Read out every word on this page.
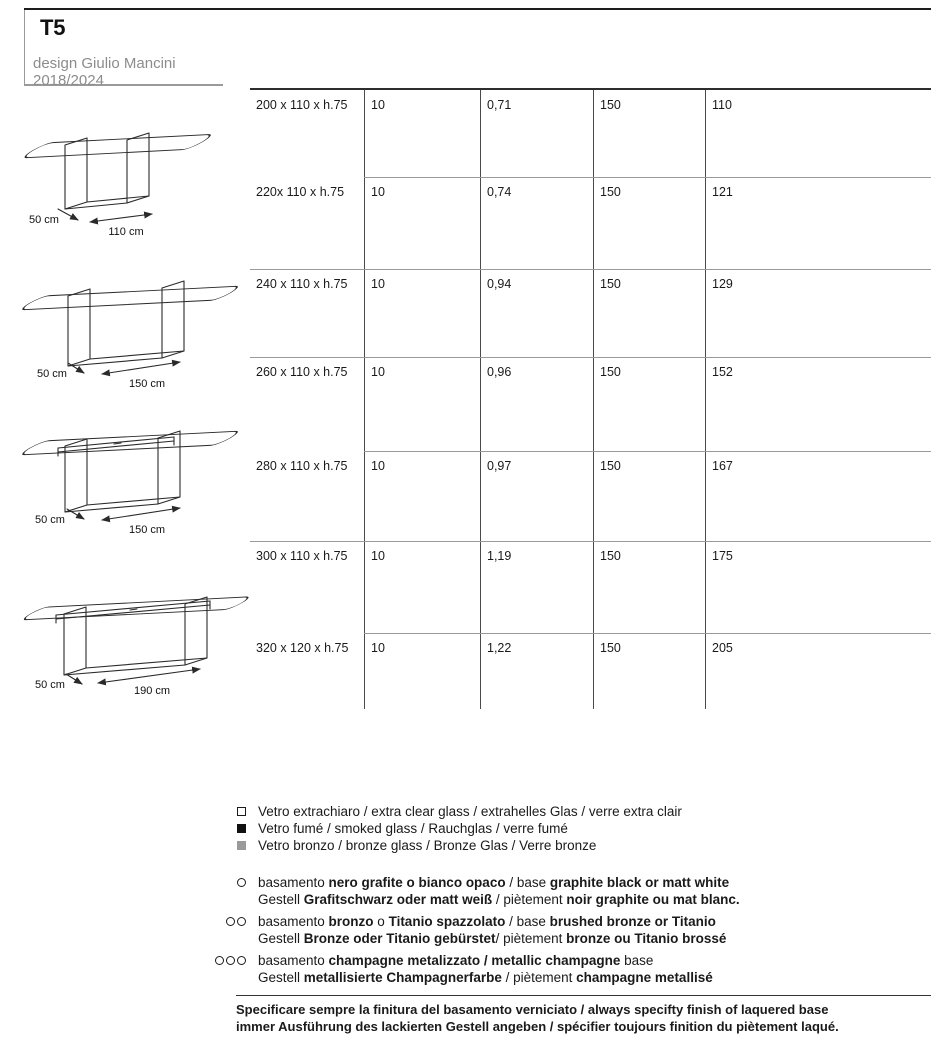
T5
design Giulio Mancini 2018/2024
50 cm
110 cm
50 cm
150 cm
50 cm
150 cm
50 cm	190 cm
200 x 110 x h.75	10	0,71	150	110
220x 110 x h.75	10	0,74	150	121
240 x 110 x h.75	10	0,94	150	129
260 x 110 x h.75	10	0,96	150	152
280 x 110 x h.75	10	0,97	150	167
300 x 110 x h.75	10	1,19	150	175
320 x 120 x h.75	10	1,22	150	205
Vetro extrachiaro / extra clear glass / extrahelles Glas / verre extra clair
Vetro fumé / smoked glass / Rauchglas / verre fumé
Vetro bronzo / bronze glass / Bronze Glas / Verre bronze
basamento nero grafite o bianco opaco / base graphite black or matt white
Gestell Grafitschwarz oder matt weiß / piètement noir graphite ou mat blanc.
basamento bronzo o Titanio spazzolato / base brushed bronze or Titanio
Gestell Bronze oder Titanio gebürstet/ piètement bronze ou Titanio brossé
basamento champagne metalizzato / metallic champagne base
Gestell metallisierte Champagnerfarbe / piètement champagne metallisé
Specificare sempre la finitura del basamento verniciato / always specifty finish of laquered base
immer Ausführung des lackierten Gestell angeben / spécifier toujours finition du piètement laqué.
